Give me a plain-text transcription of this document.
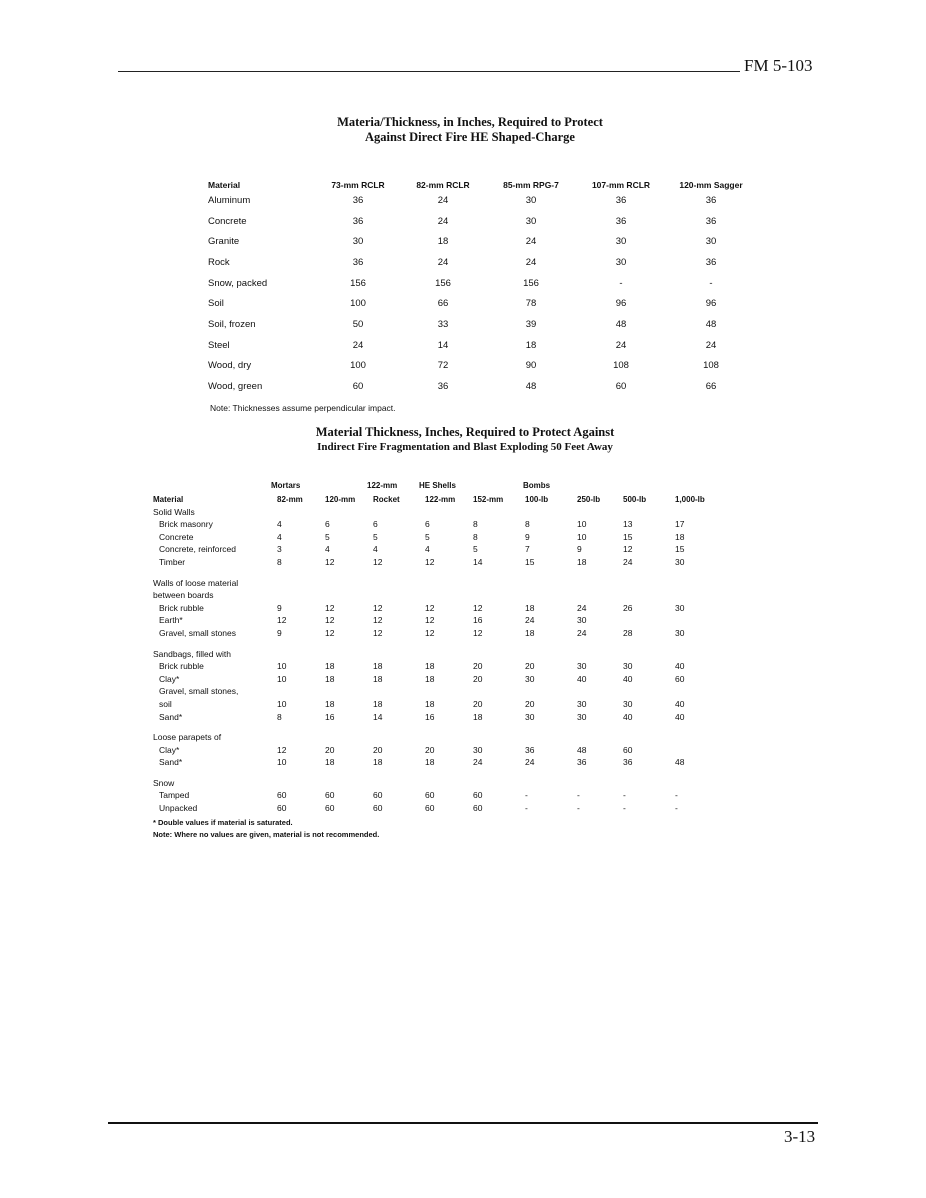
FM 5-103
Materia/Thickness, in Inches, Required to Protect
Against Direct Fire HE Shaped-Charge
Material	73-mm RCLR	82-mm RCLR	85-mm RPG-7	107-mm RCLR	120-mm Sagger
Aluminum	36	24	30	36	36
Concrete	36	24	30	36	36
Granite	30	18	24	30	30
Rock	36	24	24	30	36
Snow, packed	156	156	156	-	-
Soil	100	66	78	96	96
Soil, frozen	50	33	39	48	48
Steel	24	14	18	24	24
Wood, dry	100	72	90	108	108
Wood, green	60	36	48	60	66
Note: Thicknesses assume perpendicular impact.
Material Thickness, Inches, Required to Protect Against
Indirect Fire Fragmentation and Blast Exploding 50 Feet Away
Mortars	122-mm	HE Shells	Bombs
Material	82-mm	120-mm	Rocket	122-mm	152-mm	100-lb	250-lb	500-lb	1,000-lb
Solid Walls									
Brick masonry	4	6	6	6	8	8	10	13	17
Concrete	4	5	5	5	8	9	10	15	18
Concrete, reinforced	3	4	4	4	5	7	9	12	15
Timber	8	12	12	12	14	15	18	24	30

Walls of loose material									
between boards									
Brick rubble	9	12	12	12	12	18	24	26	30
Earth*	12	12	12	12	16	24	30		
Gravel, small stones	9	12	12	12	12	18	24	28	30

Sandbags, filled with									
Brick rubble	10	18	18	18	20	20	30	30	40
Clay*	10	18	18	18	20	30	40	40	60
Gravel, small stones,									
soil	10	18	18	18	20	20	30	30	40
Sand*	8	16	14	16	18	30	30	40	40

Loose parapets of									
Clay*	12	20	20	20	30	36	48	60	
Sand*	10	18	18	18	24	24	36	36	48

Snow									
Tamped	60	60	60	60	60	-	-	-	-
Unpacked	60	60	60	60	60	-	-	-	-
* Double values if material is saturated.
Note: Where no values are given, material is not recommended.
3-13
